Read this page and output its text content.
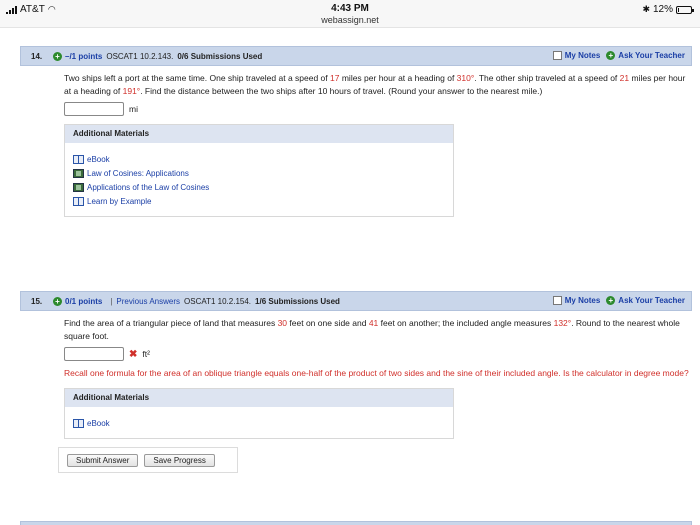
AT&T ◠	4:43 PM
webassign.net
✱ 12%
14.	+ –/1 points OSCAT1 10.2.143. 0/6 Submissions Used	My Notes + Ask Your Teacher
Two ships left a port at the same time. One ship traveled at a speed of 17 miles per hour at a heading of 310°. The other ship traveled at a speed of 21 miles per hour at a heading of 191°. Find the distance between the two ships after 10 hours of travel. (Round your answer to the nearest mile.)
mi
Additional Materials
eBook
Law of Cosines: Applications
Applications of the Law of Cosines
Learn by Example
15.	+ 0/1 points | Previous Answers OSCAT1 10.2.154. 1/6 Submissions Used	My Notes + Ask Your Teacher
Find the area of a triangular piece of land that measures 30 feet on one side and 41 feet on another; the included angle measures 132°. Round to the nearest whole square foot.
✖ ft²
Recall one formula for the area of an oblique triangle equals one-half of the product of two sides and the sine of their included angle. Is the calculator in degree mode?
Additional Materials
eBook
Submit Answer	Save Progress
